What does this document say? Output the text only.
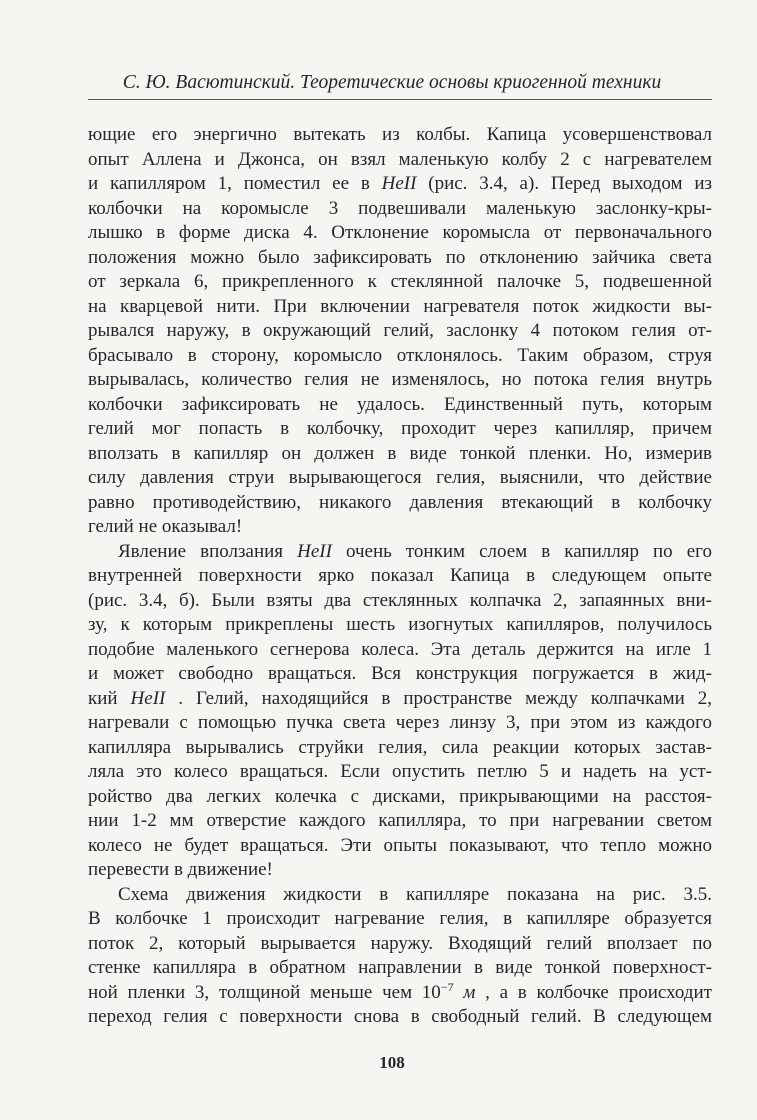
С. Ю. Васютинский. Теоретические основы криогенной техники
ющие его энергично вытекать из колбы. Капица усовершенствовал
опыт Аллена и Джонса, он взял маленькую колбу 2 с нагревателем
и капилляром 1, поместил ее в HeII (рис. 3.4, а). Перед выходом из
колбочки на коромысле 3 подвешивали маленькую заслонку-кры-
лышко в форме диска 4. Отклонение коромысла от первоначального
положения можно было зафиксировать по отклонению зайчика света
от зеркала 6, прикрепленного к стеклянной палочке 5, подвешенной
на кварцевой нити. При включении нагревателя поток жидкости вы-
рывался наружу, в окружающий гелий, заслонку 4 потоком гелия от-
брасывало в сторону, коромысло отклонялось. Таким образом, струя
вырывалась, количество гелия не изменялось, но потока гелия внутрь
колбочки зафиксировать не удалось. Единственный путь, которым
гелий мог попасть в колбочку, проходит через капилляр, причем
вползать в капилляр он должен в виде тонкой пленки. Но, измерив
силу давления струи вырывающегося гелия, выяснили, что действие
равно противодействию, никакого давления втекающий в колбочку
гелий не оказывал!
Явление вползания HeII очень тонким слоем в капилляр по его
внутренней поверхности ярко показал Капица в следующем опыте
(рис. 3.4, б). Были взяты два стеклянных колпачка 2, запаянных вни-
зу, к которым прикреплены шесть изогнутых капилляров, получилось
подобие маленького сегнерова колеса. Эта деталь держится на игле 1
и может свободно вращаться. Вся конструкция погружается в жид-
кий HeII . Гелий, находящийся в пространстве между колпачками 2,
нагревали с помощью пучка света через линзу 3, при этом из каждого
капилляра вырывались струйки гелия, сила реакции которых застав-
ляла это колесо вращаться. Если опустить петлю 5 и надеть на уст-
ройство два легких колечка с дисками, прикрывающими на расстоя-
нии 1-2 мм отверстие каждого капилляра, то при нагревании светом
колесо не будет вращаться. Эти опыты показывают, что тепло можно
перевести в движение!
Схема движения жидкости в капилляре показана на рис. 3.5.
В колбочке 1 происходит нагревание гелия, в капилляре образуется
поток 2, который вырывается наружу. Входящий гелий вползает по
стенке капилляра в обратном направлении в виде тонкой поверхност-
ной пленки 3, толщиной меньше чем $10^{-7}$ м , а в колбочке происходит
переход гелия с поверхности снова в свободный гелий. В следующем
108
